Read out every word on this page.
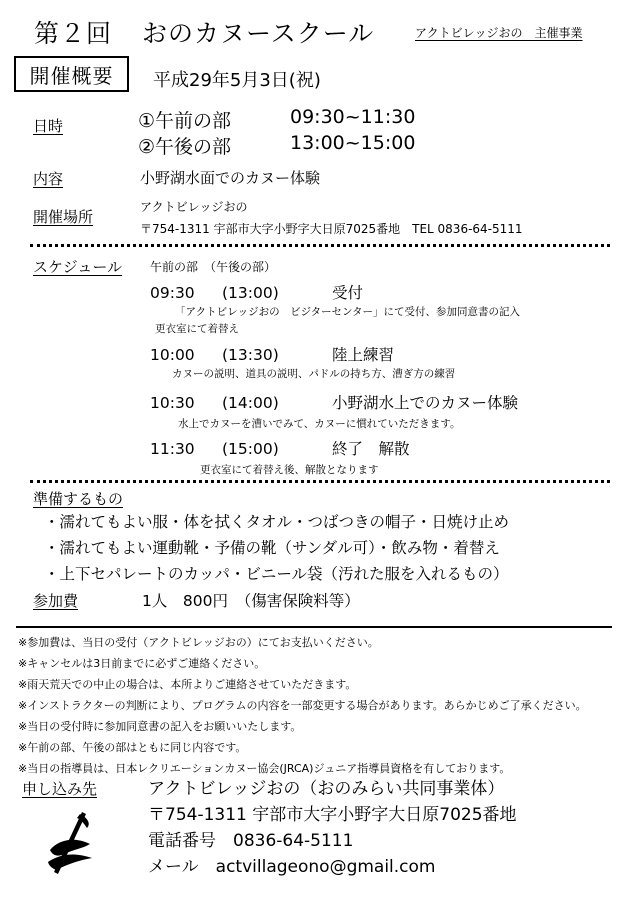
第２回 おのカヌースクール	アクトビレッジおの　主催事業
開催概要	平成29年5月3日(祝)
日時	①午前の部	09:30~11:30
②午後の部	13:00~15:00
内容	小野湖水面でのカヌー体験
開催場所
アクトビレッジおの
〒754-1311 宇部市大字小野字大日原7025番地　TEL 0836-64-5111
スケジュール 午前の部　（午後の部）
09:30 (13:00)	受付
「アクトビレッジおの　ビジターセンター」にて受付、参加同意書の記入
更衣室にて着替え
10:00 (13:30)	陸上練習
カヌーの説明、道具の説明、パドルの持ち方、漕ぎ方の練習
10:30 (14:00)	小野湖水上でのカヌー体験
水上でカヌーを漕いでみて、カヌーに慣れていただきます。
11:30 (15:00)	終了　解散
更衣室にて着替え後、解散となります
準備するもの
・濡れてもよい服・体を拭くタオル・つばつきの帽子・日焼け止め
・濡れてもよい運動靴・予備の靴（サンダル可）・飲み物・着替え
・上下セパレートのカッパ・ビニール袋（汚れた服を入れるもの）
参加費	1人　800円　（傷害保険料等）
※参加費は、当日の受付（アクトビレッジおの）にてお支払いください。
※キャンセルは3日前までに必ずご連絡ください。
※雨天荒天での中止の場合は、本所よりご連絡させていただきます。
※インストラクターの判断により、プログラムの内容を一部変更する場合があります。あらかじめご了承ください。
※当日の受付時に参加同意書の記入をお願いいたします。
※午前の部、午後の部はともに同じ内容です。
※当日の指導員は、日本レクリエーションカヌー協会(JRCA)ジュニア指導員資格を有しております。
申し込み先	アクトビレッジおの（おのみらい共同事業体）
〒754-1311 宇部市大字小野字大日原7025番地
電話番号　0836-64-5111
メール　actvillageono@gmail.com
